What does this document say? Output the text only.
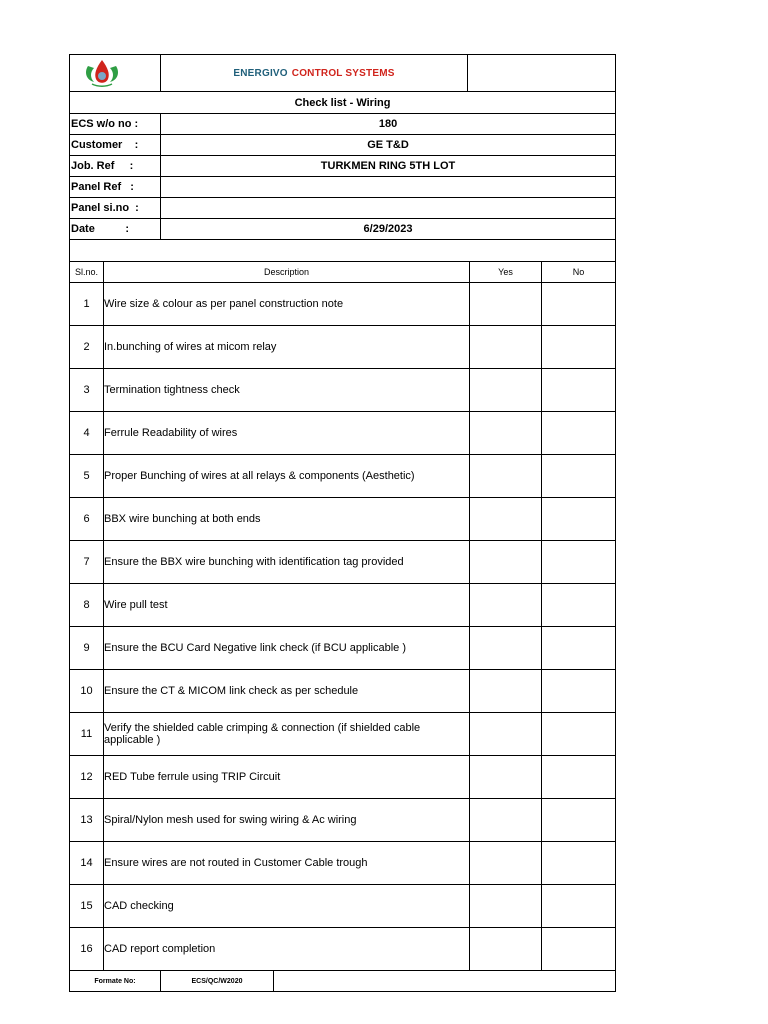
	ENERGIVO CONTROL SYSTEMS	
Check list - Wiring	
ECS w/o no :	180
Customer    :	GE T&D
Job. Ref     :	TURKMEN RING 5TH LOT
Panel Ref   :	
Panel si.no  :	
Date          :	6/29/2023

Sl.no.	Description	Yes	No
1	Wire size & colour as per panel construction note		
2	In.bunching of wires at micom relay		
3	Termination tightness check		
4	Ferrule Readability of wires		
5	Proper Bunching of wires at all relays & components (Aesthetic)		
6	BBX wire bunching at both ends		
7	Ensure the BBX wire bunching with identification tag provided		
8	Wire pull test		
9	Ensure the BCU Card Negative link check (if BCU applicable )		
10	Ensure the CT & MICOM link check as per schedule		
11	Verify the shielded cable crimping & connection (if shielded cable applicable )		
12	RED Tube ferrule using TRIP Circuit		
13	Spiral/Nylon mesh used for swing wiring & Ac wiring		
14	Ensure wires are not routed in Customer Cable trough		
15	CAD checking		
16	CAD report completion		
Formate No:	ECS/QC/W2020	
